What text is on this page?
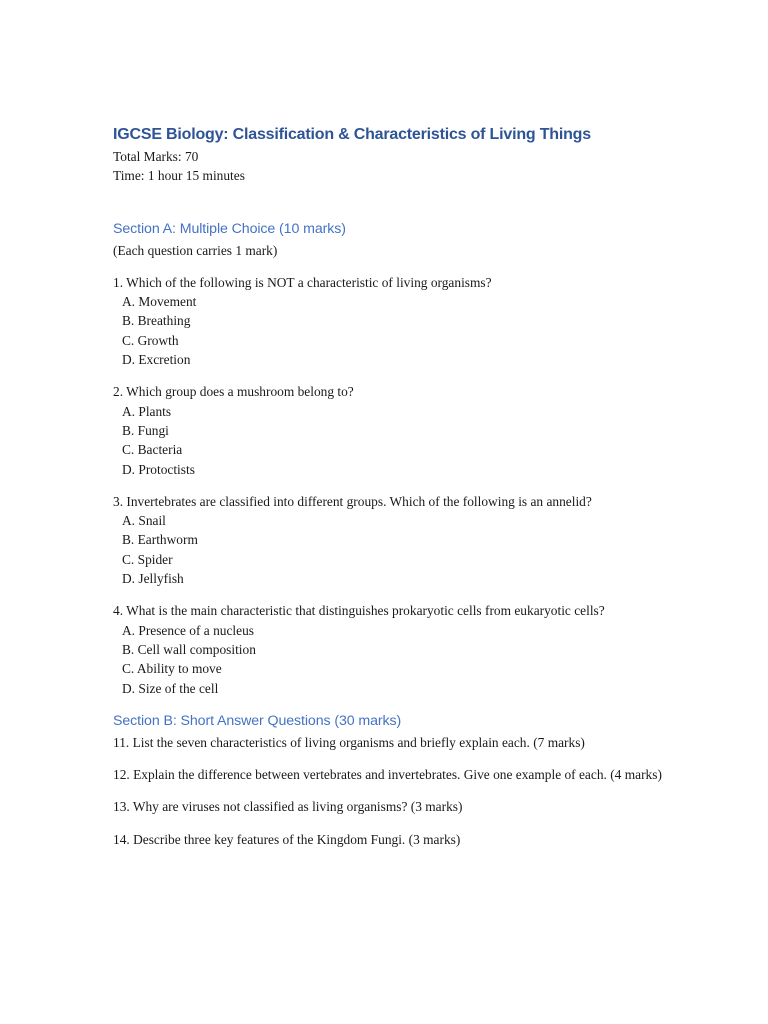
IGCSE Biology: Classification & Characteristics of Living Things

Total Marks: 70

Time: 1 hour 15 minutes

Section A: Multiple Choice (10 marks)

(Each question carries 1 mark)

1. Which of the following is NOT a characteristic of living organisms?

A. Movement
B. Breathing
C. Growth
D. Excretion

2. Which group does a mushroom belong to?

A. Plants
B. Fungi
C. Bacteria
D. Protoctists

3. Invertebrates are classified into different groups. Which of the following is an annelid?

A. Snail
B. Earthworm
C. Spider
D. Jellyfish

4. What is the main characteristic that distinguishes prokaryotic cells from eukaryotic cells?

A. Presence of a nucleus
B. Cell wall composition
C. Ability to move
D. Size of the cell
Section B: Short Answer Questions (30 marks)

11. List the seven characteristics of living organisms and briefly explain each. (7 marks)

12. Explain the difference between vertebrates and invertebrates. Give one example of each. (4 marks)

13. Why are viruses not classified as living organisms? (3 marks)

14. Describe three key features of the Kingdom Fungi. (3 marks)
